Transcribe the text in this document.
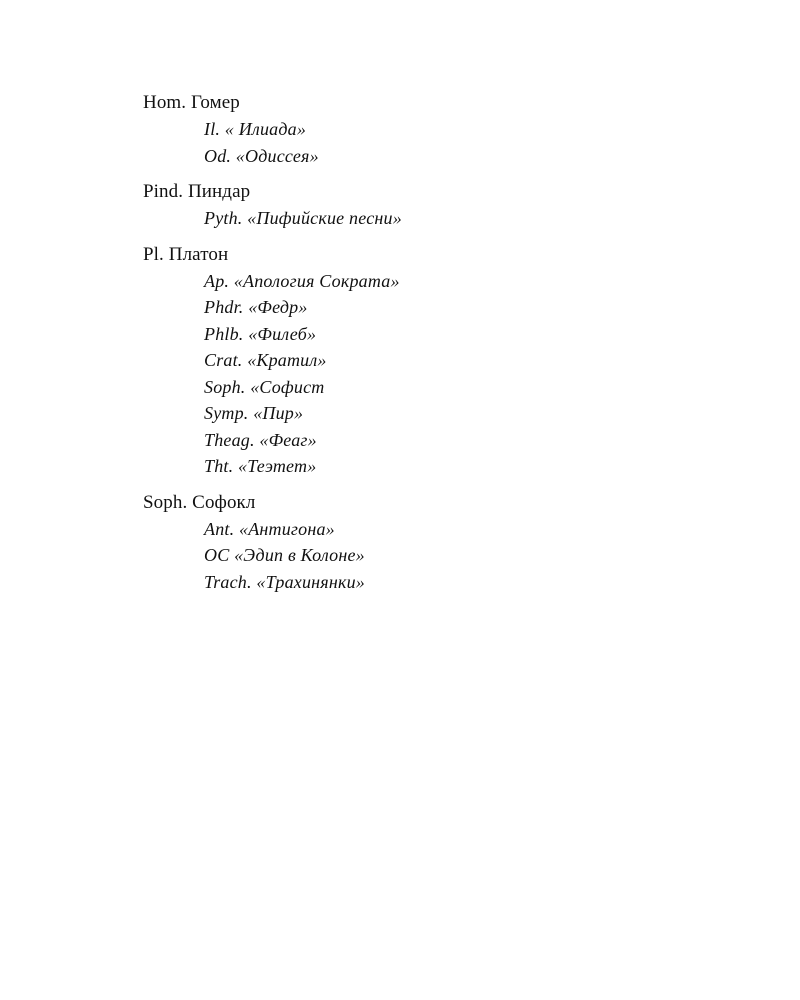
Hom. Гомер
Il. « Илиада»
Od. «Одиссея»
Pind. Пиндар
Pyth. «Пифийские песни»
Pl. Платон
Ap. «Апология Сократа»
Phdr. «Федр»
Phlb. «Филеб»
Crat. «Кратил»
Soph. «Софист
Symp. «Пир»
Theag. «Феаг»
Tht. «Теэтет»
Soph. Софокл
Ant. «Антигона»
OC «Эдип в Колоне»
Trach. «Трахинянки»
